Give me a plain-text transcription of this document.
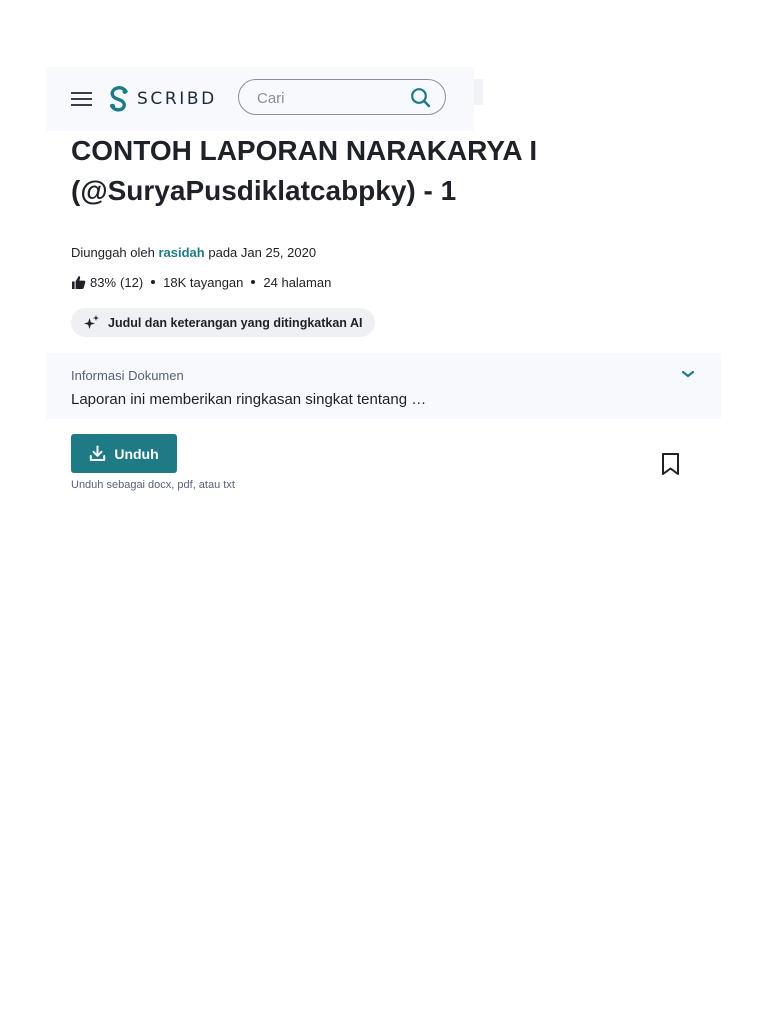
SCRIBD
Cari
CONTOH LAPORAN NARAKARYA I (@SuryaPusdiklatcabpky) - 1
Diunggah oleh rasidah pada Jan 25, 2020
83% (12) 18K tayangan 24 halaman
Judul dan keterangan yang ditingkatkan AI
Informasi Dokumen
Laporan ini memberikan ringkasan singkat tentang …
Unduh
Unduh sebagai docx, pdf, atau txt
